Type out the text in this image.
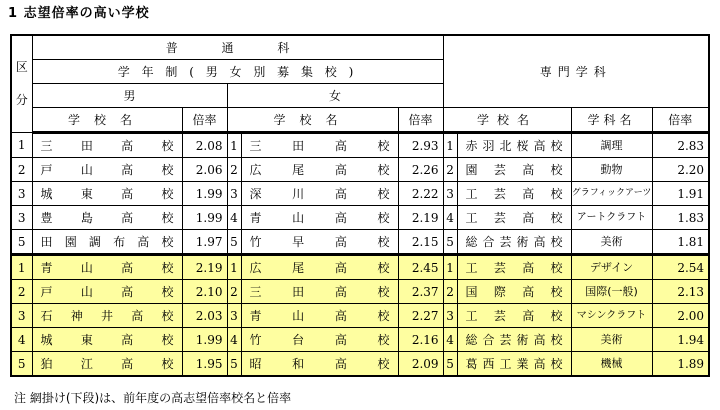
1 志望倍率の高い学校
区
分	普 通 科					専門学科			
	学 年 制 ( 男 女 別 募 集 校 )								
	男		女						
	学校名	倍率	学校名		倍率	学校名		学科名	倍率
1	三田高校	2.08	1	三田高校	2.93	1	赤羽北桜高校	調理	2.83
2	戸山高校	2.06	2	広尾高校	2.26	2	園芸高校	動物	2.20
3	城東高校	1.99	3	深川高校	2.22	3	工芸高校	グラフィックアーツ	1.91
3	豊島高校	1.99	4	青山高校	2.19	4	工芸高校	アートクラフト	1.83
5	田園調布高校	1.97	5	竹早高校	2.15	5	総合芸術高校	美術	1.81
1	青山高校	2.19	1	広尾高校	2.45	1	工芸高校	デザイン	2.54
2	戸山高校	2.10	2	三田高校	2.37	2	国際高校	国際(一般)	2.13
3	石神井高校	2.03	3	青山高校	2.27	3	工芸高校	マシンクラフト	2.00
4	城東高校	1.99	4	竹台高校	2.16	4	総合芸術高校	美術	1.94
5	狛江高校	1.95	5	昭和高校	2.09	5	葛西工業高校	機械	1.89
注 網掛け(下段)は、前年度の高志望倍率校名と倍率
